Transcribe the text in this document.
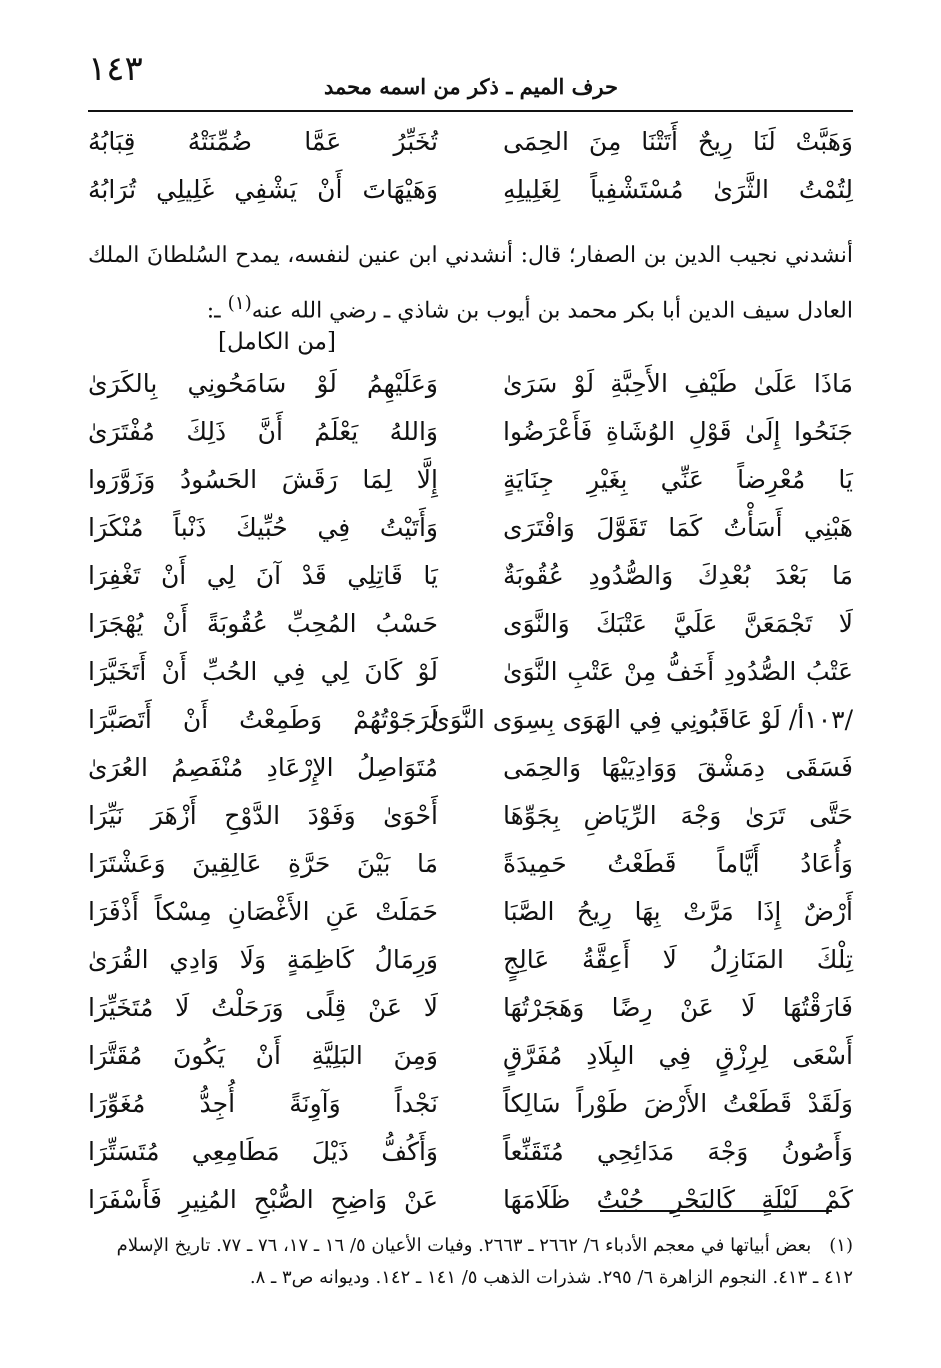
١٤٣	حرف الميم ـ ذكر من اسمه محمد
وَهَبَّتْ لَنَا رِيحٌ أَتَتْنَا مِنَ الحِمَى
تُخَبِّرُ عَمَّا ضُمِّنَتْهُ قِبَابُهُ
لِتُمْتُ الثَّرَىٰ مُسْتَشْفِياً لِغَلِيلِهِ
وَهَيْهَاتَ أَنْ يَشْفِي غَلِيلِي تُرَابُهُ
أنشدني نجيب الدين بن الصفار؛ قال: أنشدني ابن عنين لنفسه، يمدح السُلطانَ الملك العادل سيف الدين أبا بكر محمد بن أيوب بن شاذي ـ رضي الله عنه$^{(١)}$ ـ:
[من الكامل]
مَاذَا عَلَىٰ طَيْفِ الأَحِبَّةِ لَوْ سَرَىٰ
وَعَلَيْهِمُ لَوْ سَامَحُونِي بِالكَرَىٰ
جَنَحُوا إِلَىٰ قَوْلِ الوُشَاةِ فَأَعْرَضُوا
وَاللهُ يَعْلَمُ أَنَّ ذَلِكَ مُفْتَرَىٰ
يَا مُعْرِضاً عَنِّي بِغَيْرِ جِنَايَةٍ
إِلَّا لِمَا رَقَشَ الحَسُودُ وَزَوَّرَوا
هَبْنِي أَسَأْتُ كَمَا تَقَوَّلَ وَافْتَرَى
وَأَتَيْتُ فِي حُبِّيكَ ذَنْباً مُنْكَرَا
مَا بَعْدَ بُعْدِكَ وَالصُّدُودِ عُقُوبَةٌ
يَا قَاتِلِي قَدْ آنَ لِي أَنْ تَغْفِرَا
لَا تَجْمَعَنَّ عَلَيَّ عَتْبَكَ وَالنَّوَى
حَسْبُ المُحِبِّ عُقُوبَةً أَنْ يُهْجَرَا
عَتْبُ الصُّدُودِ أَخَفُّ مِنْ عَتْبِ النَّوَىٰ
لَوْ كَانَ لِي فِي الحُبِّ أَنْ أَتَخَيَّرَا
/١٠٣أ/ لَوْ عَاقَبُونِي فِي الهَوَى بِسِوَى النَّوَىٰ
لَرَجَوْتُهُمْ وَطَمِعْتُ أَنْ أَتَصَبَّرَا
فَسَقَى دِمَشْقَ وَوَادِيَيْهَا وَالحِمَى
مُتَوَاصِلُ الإِرْعَادِ مُنْفَصِمُ العُرَىٰ
حَتَّى تَرَىٰ وَجْهَ الرِّيَاضِ بِجَوِّهَا
أَحْوَىٰ وَفَوْدَ الدَّوْحِ أَزْهَرَ نَيِّرَا
وَأُعَادُ أَيَّاماً قَطَعْتُ حَمِيدَةً
مَا بَيْنَ حَرَّةِ عَالِقِينَ وَعَشْتَرَا
أَرْضٌ إِذَا مَرَّتْ بِهَا رِيحُ الصَّبَا
حَمَلَتْ عَنِ الأَغْصَانِ مِسْكاً أَذْفَرَا
تِلْكَ المَنَازِلُ لَا أَعِقَّةُ عَالِجٍ
وَرِمَالُ كَاظِمَةٍ وَلَا وَادِي القُرَىٰ
فَارَقْتُهَا لَا عَنْ رِضًا وَهَجَرْتُهَا
لَا عَنْ قِلًى وَرَحَلْتُ لَا مُتَخَيِّرَا
أَسْعَى لِرِزْقٍ فِي البِلَادِ مُفَرَّقٍ
وَمِنَ البَلِيَّةِ أَنْ يَكُونَ مُقَتَّرَا
وَلَقَدْ قَطَعْتُ الأَرْضَ طَوْراً سَالِكاً
نَجْداً وَآوِنَةً أُجِدُّ مُغَوِّرَا
وَأَصُونُ وَجْهَ مَدَائِحِي مُتَقَنِّعاً
وَأَكُفُّ ذَيْلَ مَطَامِعِي مُتَسَتِّرَا
كَمْ لَيْلَةٍ كَالبَحْرِ جُبْتُ ظَلَامَهَا
عَنْ وَاضِحِ الصُّبْحِ المُنِيرِ فَأَسْفَرَا
(١)بعض أبياتها في معجم الأدباء ٦/ ٢٦٦٢ ـ ٢٦٦٣. وفيات الأعيان ٥/ ١٦ ـ ١٧، ٧٦ ـ ٧٧. تاريخ الإسلام ٤١٢ ـ ٤١٣. النجوم الزاهرة ٦/ ٢٩٥. شذرات الذهب ٥/ ١٤١ ـ ١٤٢. وديوانه ص٣ ـ ٨.
